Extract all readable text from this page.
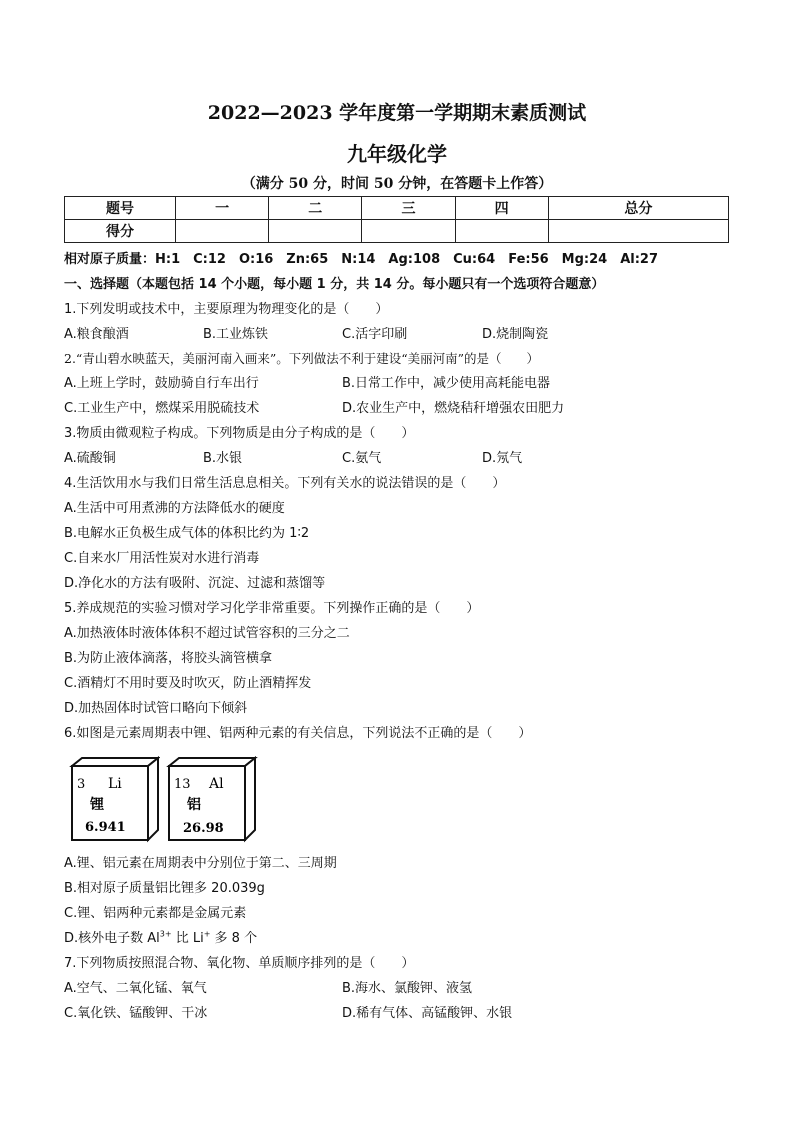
2022—2023 学年度第一学期期末素质测试
九年级化学
（满分 50 分，时间 50 分钟，在答题卡上作答）
题号	一	二	三	四	总分
得分					
相对原子质量：H:1　C:12　O:16　Zn:65　N:14　Ag:108　Cu:64　Fe:56　Mg:24　Al:27
一、选择题（本题包括 14 个小题，每小题 1 分，共 14 分。每小题只有一个选项符合题意）
1.下列发明或技术中，主要原理为物理变化的是（　　）
A.粮食酿酒	B.工业炼铁	C.活字印刷	D.烧制陶瓷
2.“青山碧水映蓝天，美丽河南入画来”。下列做法不利于建设“美丽河南”的是（　　）
A.上班上学时，鼓励骑自行车出行	B.日常工作中，减少使用高耗能电器
C.工业生产中，燃煤采用脱硫技术	D.农业生产中，燃烧秸秆增强农田肥力
3.物质由微观粒子构成。下列物质是由分子构成的是（　　）
A.硫酸铜	B.水银	C.氨气	D.氖气
4.生活饮用水与我们日常生活息息相关。下列有关水的说法错误的是（　　）
A.生活中可用煮沸的方法降低水的硬度
B.电解水正负极生成气体的体积比约为 1∶2
C.自来水厂用活性炭对水进行消毒
D.净化水的方法有吸附、沉淀、过滤和蒸馏等
5.养成规范的实验习惯对学习化学非常重要。下列操作正确的是（　　）
A.加热液体时液体体积不超过试管容积的三分之二
B.为防止液体滴落，将胶头滴管横拿
C.酒精灯不用时要及时吹灭，防止酒精挥发
D.加热固体时试管口略向下倾斜
6.如图是元素周期表中锂、铝两种元素的有关信息，下列说法不正确的是（　　）
3 Li
锂
6.941
13 Al
铝
26.98
A.锂、铝元素在周期表中分别位于第二、三周期
B.相对原子质量铝比锂多 20.039g
C.锂、铝两种元素都是金属元素
D.核外电子数 $Al^{3+}$ 比 Li+ 多 8 个
7.下列物质按照混合物、氧化物、单质顺序排列的是（　　）
A.空气、二氧化锰、氧气	B.海水、氯酸钾、液氢
C.氧化铁、锰酸钾、干冰	D.稀有气体、高锰酸钾、水银
